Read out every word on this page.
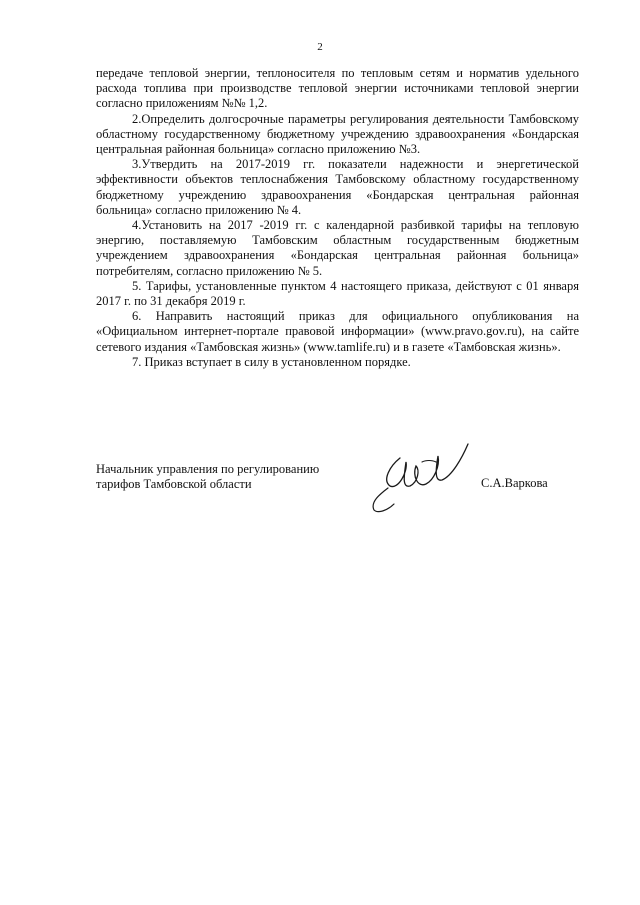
2

передаче тепловой энергии, теплоносителя по тепловым сетям и норматив удельного расхода топлива при производстве тепловой энергии источниками тепловой энергии согласно приложениям №№ 1,2.

2.Определить долгосрочные параметры регулирования деятельности Тамбовскому областному государственному бюджетному учреждению здравоохранения «Бондарская центральная районная больница» согласно приложению №3.

3.Утвердить на 2017-2019 гг. показатели надежности и энергетической эффективности объектов теплоснабжения Тамбовскому областному государственному бюджетному учреждению здравоохранения «Бондарская центральная районная больница» согласно приложению № 4.

4.Установить на 2017 -2019 гг. с календарной разбивкой тарифы на тепловую энергию, поставляемую Тамбовским областным государственным бюджетным учреждением здравоохранения «Бондарская центральная районная больница» потребителям, согласно приложению № 5.

5. Тарифы, установленные пунктом 4 настоящего приказа, действуют с 01 января 2017 г. по 31 декабря 2019 г.

6. Направить настоящий приказ для официального опубликования на «Официальном интернет-портале правовой информации» (www.pravo.gov.ru), на сайте сетевого издания «Тамбовская жизнь» (www.tamlife.ru) и в газете «Тамбовская жизнь».

7. Приказ вступает в силу в установленном порядке.

Начальник управления по регулированию
тарифов Тамбовской области	С.А.Варкова
